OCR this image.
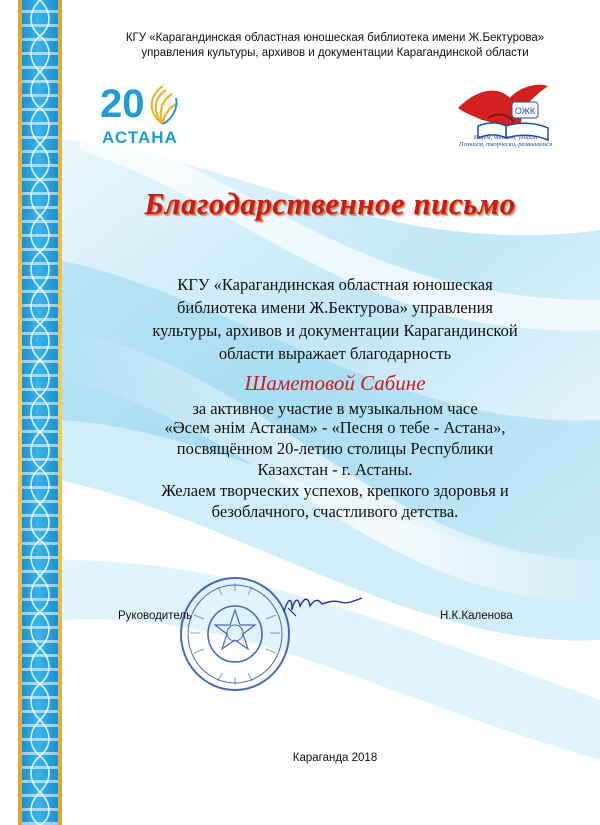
КГУ «Карагандинская областная юношеская библиотека имени Ж.Бектурова»
управления культуры, архивов и документации Карагандинской области
20
АСТАНА
ОЖК
Ищем, читаем, узнаём
Познаём, творчески, развиваемся
Благодарственное письмо
КГУ «Карагандинская областная юношеская
библиотека имени Ж.Бектурова» управления
культуры, архивов и документации Карагандинской
области выражает благодарность
Шаметовой Сабине
за активное участие в музыкальном часе
«Әсем әнім Астанам» - «Песня о тебе - Астана»,
посвящённом 20-летию столицы Республики
Казахстан - г. Астаны.
Желаем творческих успехов, крепкого здоровья и
безоблачного, счастливого детства.
Руководитель	Н.К.Каленова
Караганда 2018
